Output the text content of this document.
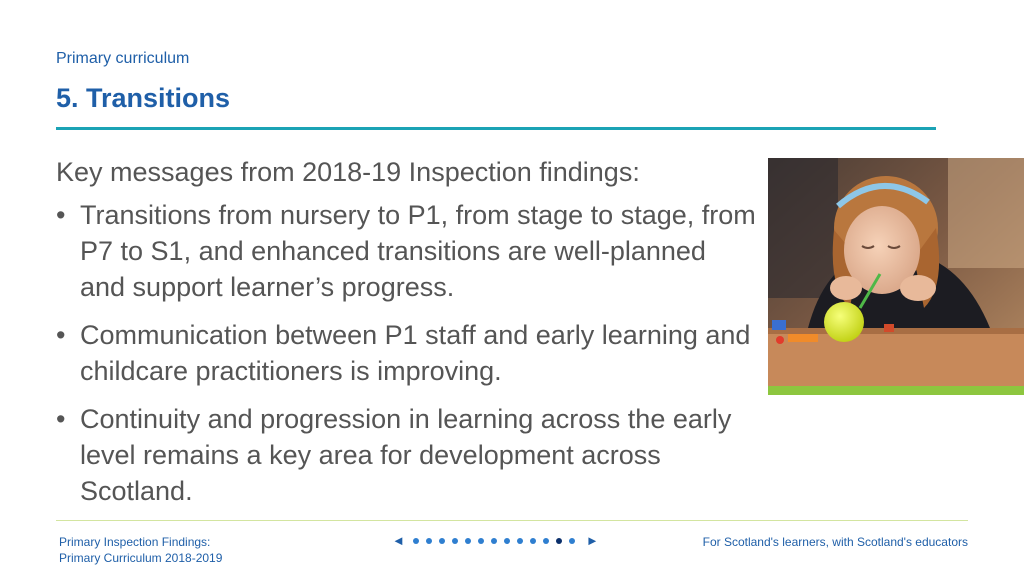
Primary curriculum
5. Transitions

Key messages from 2018-19 Inspection findings:

• Transitions from nursery to P1, from stage to stage, from P7 to S1, and enhanced transitions are well-planned and support learner’s progress.
• Communication between P1 staff and early learning and childcare practitioners is improving.
• Continuity and progression in learning across the early level remains a key area for development across Scotland.
Primary Inspection Findings:
Primary Curriculum 2018-2019
◄	►	For Scotland's learners, with Scotland's educators
